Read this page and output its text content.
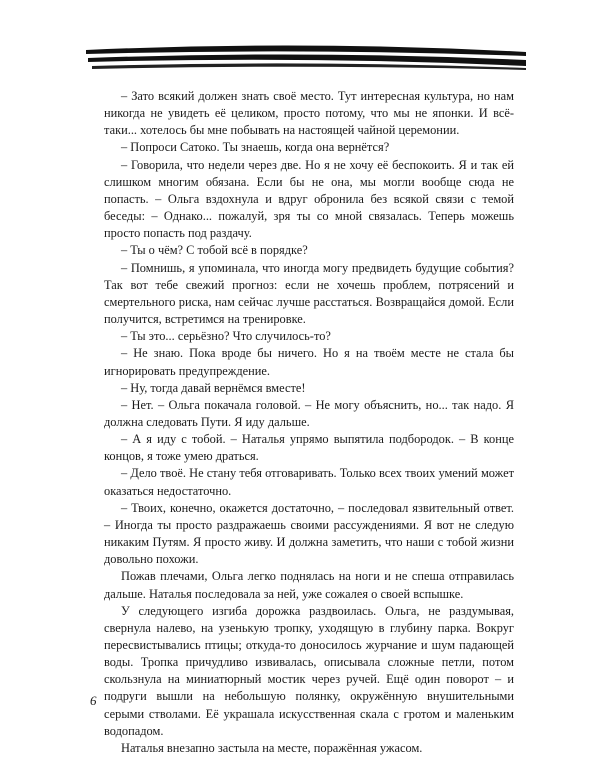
– Зато всякий должен знать своё место. Тут интересная культура, но нам никогда не увидеть её целиком, просто потому, что мы не японки. И всё-таки... хотелось бы мне побывать на настоящей чайной церемонии.

– Попроси Сатоко. Ты знаешь, когда она вернётся?

– Говорила, что недели через две. Но я не хочу её беспокоить. Я и так ей слишком многим обязана. Если бы не она, мы могли вообще сюда не попасть. – Ольга вздохнула и вдруг обронила без всякой связи с темой беседы: – Однако... пожалуй, зря ты со мной связалась. Теперь можешь просто попасть под раздачу.

– Ты о чём? С тобой всё в порядке?

– Помнишь, я упоминала, что иногда могу предвидеть будущие события? Так вот тебе свежий прогноз: если не хочешь проблем, потрясений и смертельного риска, нам сейчас лучше расстаться. Возвращайся домой. Если получится, встретимся на тренировке.

– Ты это... серьёзно? Что случилось-то?

– Не знаю. Пока вроде бы ничего. Но я на твоём месте не стала бы игнорировать предупреждение.

– Ну, тогда давай вернёмся вместе!

– Нет. – Ольга покачала головой. – Не могу объяснить, но... так надо. Я должна следовать Пути. Я иду дальше.

– А я иду с тобой. – Наталья упрямо выпятила подбородок. – В конце концов, я тоже умею драться.

– Дело твоё. Не стану тебя отговаривать. Только всех твоих умений может оказаться недостаточно.

– Твоих, конечно, окажется достаточно, – последовал язвительный ответ. – Иногда ты просто раздражаешь своими рассуждениями. Я вот не следую никаким Путям. Я просто живу. И должна заметить, что наши с тобой жизни довольно похожи.

Пожав плечами, Ольга легко поднялась на ноги и не спеша отправилась дальше. Наталья последовала за ней, уже сожалея о своей вспышке.

У следующего изгиба дорожка раздвоилась. Ольга, не раздумывая, свернула налево, на узенькую тропку, уходящую в глубину парка. Вокруг пересвистывались птицы; откуда-то доносилось журчание и шум падающей воды. Тропка причудливо извивалась, описывала сложные петли, потом скользнула на миниатюрный мостик через ручей. Ещё один поворот – и подруги вышли на небольшую полянку, окружённую внушительными серыми стволами. Её украшала искусственная скала с гротом и маленьким водопадом.

Наталья внезапно застыла на месте, поражённая ужасом.

6
